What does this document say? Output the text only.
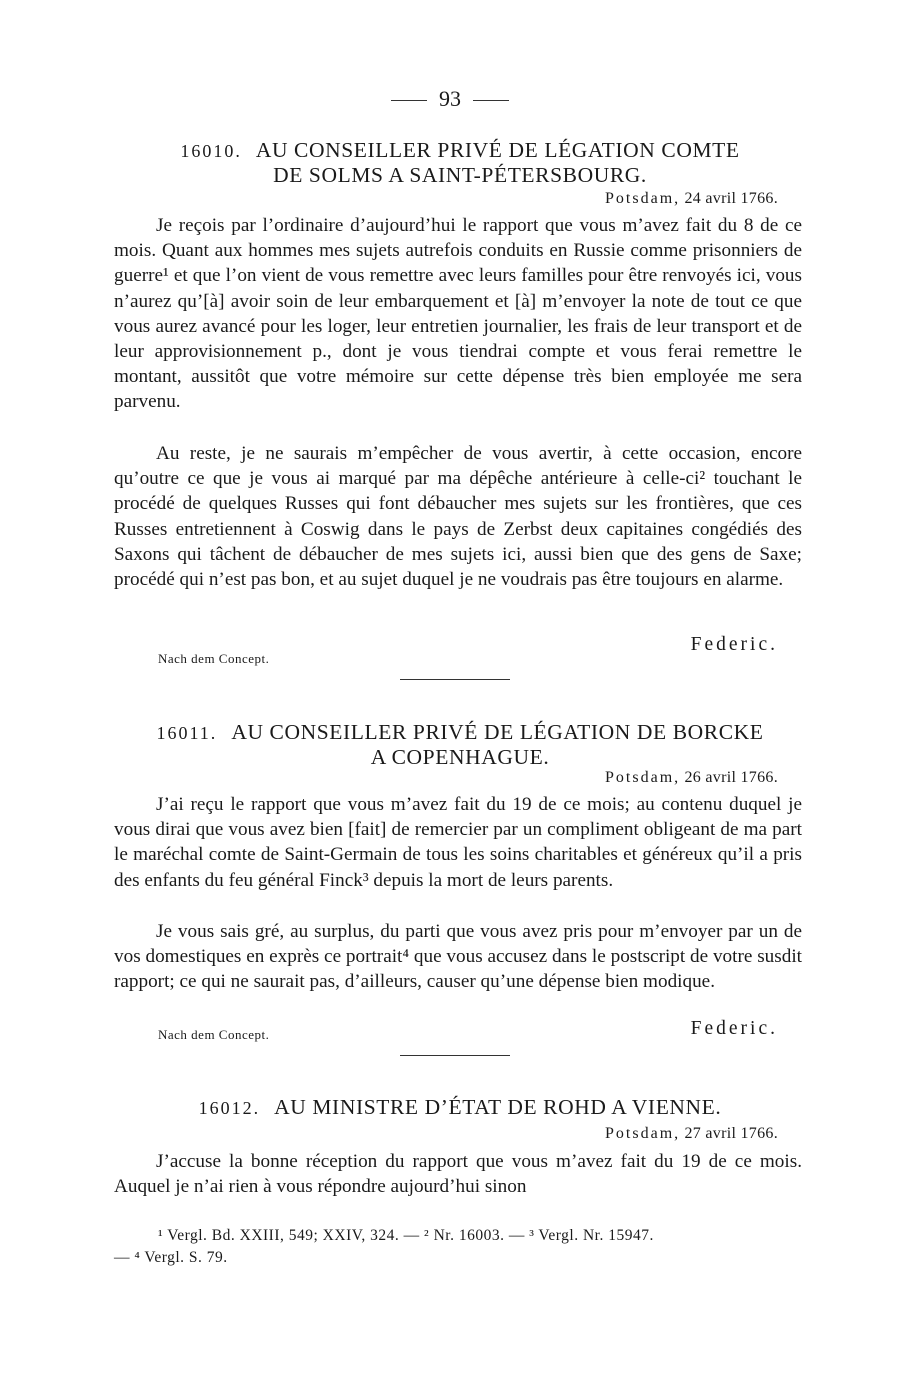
93
16010. AU CONSEILLER PRIVÉ DE LÉGATION COMTE
DE SOLMS A SAINT-PÉTERSBOURG.
Potsdam, 24 avril 1766.

Je reçois par l’ordinaire d’aujourd’hui le rapport que vous m’avez fait du 8 de ce mois. Quant aux hommes mes sujets autrefois conduits en Russie comme prisonniers de guerre¹ et que l’on vient de vous remettre avec leurs familles pour être renvoyés ici, vous n’aurez qu’[à] avoir soin de leur embarquement et [à] m’envoyer la note de tout ce que vous aurez avancé pour les loger, leur entretien journalier, les frais de leur transport et de leur approvisionnement p., dont je vous tiendrai compte et vous ferai remettre le montant, aussitôt que votre mémoire sur cette dépense très bien employée me sera parvenu.

Au reste, je ne saurais m’empêcher de vous avertir, à cette occasion, encore qu’outre ce que je vous ai marqué par ma dépêche antérieure à celle-ci² touchant le procédé de quelques Russes qui font débaucher mes sujets sur les frontières, que ces Russes entretiennent à Coswig dans le pays de Zerbst deux capitaines congédiés des Saxons qui tâchent de débaucher de mes sujets ici, aussi bien que des gens de Saxe; procédé qui n’est pas bon, et au sujet duquel je ne voudrais pas être toujours en alarme.

Federic.
Nach dem Concept.
16011. AU CONSEILLER PRIVÉ DE LÉGATION DE BORCKE
A COPENHAGUE.
Potsdam, 26 avril 1766.

J’ai reçu le rapport que vous m’avez fait du 19 de ce mois; au contenu duquel je vous dirai que vous avez bien [fait] de remercier par un compliment obligeant de ma part le maréchal comte de Saint-Germain de tous les soins charitables et généreux qu’il a pris des enfants du feu général Finck³ depuis la mort de leurs parents.

Je vous sais gré, au surplus, du parti que vous avez pris pour m’envoyer par un de vos domestiques en exprès ce portrait⁴ que vous accusez dans le postscript de votre susdit rapport; ce qui ne saurait pas, d’ailleurs, causer qu’une dépense bien modique.

Federic.
Nach dem Concept.
16012. AU MINISTRE D’ÉTAT DE ROHD A VIENNE.
Potsdam, 27 avril 1766.

J’accuse la bonne réception du rapport que vous m’avez fait du 19 de ce mois. Auquel je n’ai rien à vous répondre aujourd’hui sinon

¹ Vergl. Bd. XXIII, 549; XXIV, 324. — ² Nr. 16003. — ³ Vergl. Nr. 15947.
— ⁴ Vergl. S. 79.
